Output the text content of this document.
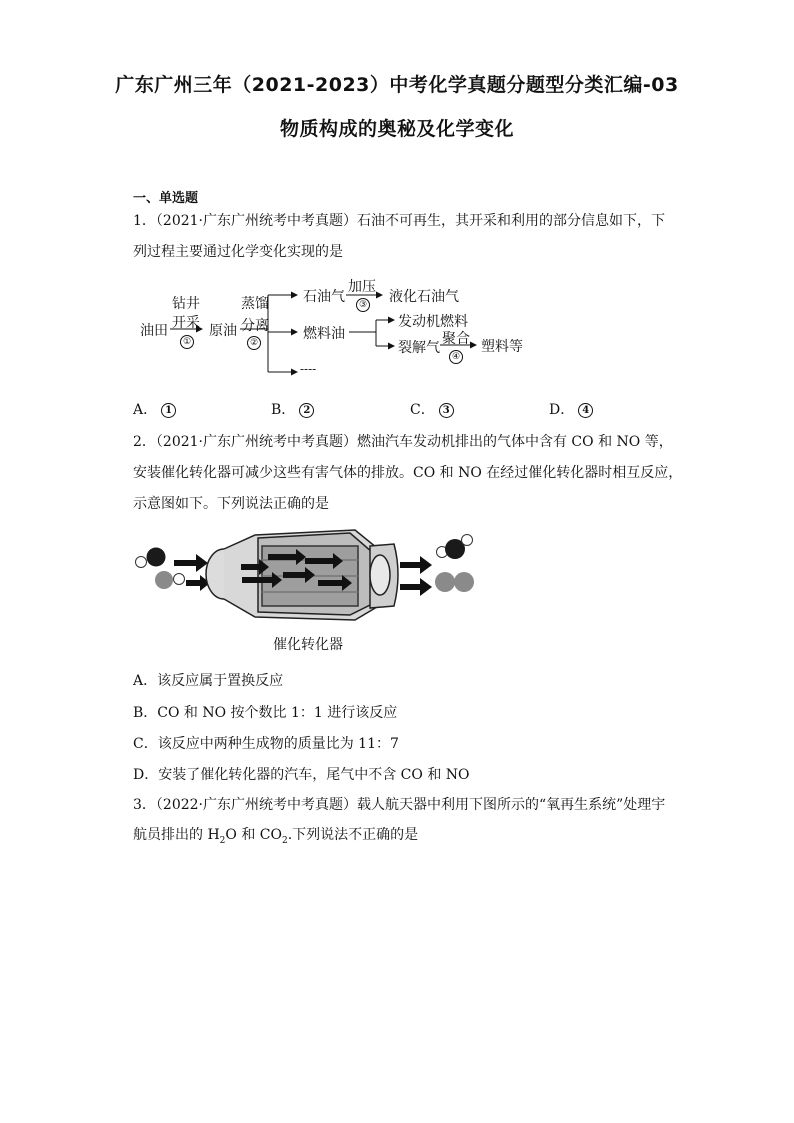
广东广州三年（2021-2023）中考化学真题分题型分类汇编-03
物质构成的奥秘及化学变化
一、单选题
1．（2021·广东广州统考中考真题）石油不可再生，其开采和利用的部分信息如下，下
列过程主要通过化学变化实现的是
油田
钻井
开采
①
原油
蒸馏
分离
②
石油气
加压
③ 液化石油气
燃料油
发动机燃料
裂解气
聚合
④
塑料等
----
A． 1	B． 2	C． 3	D． 4
2．（2021·广东广州统考中考真题）燃油汽车发动机排出的气体中含有 CO 和 NO 等，
安装催化转化器可减少这些有害气体的排放。CO 和 NO 在经过催化转化器时相互反应，
示意图如下。下列说法正确的是
催化转化器
A．该反应属于置换反应
B．CO 和 NO 按个数比 1：1 进行该反应
C．该反应中两种生成物的质量比为 11：7
D．安装了催化转化器的汽车，尾气中不含 CO 和 NO
3．（2022·广东广州统考中考真题）载人航天器中利用下图所示的“氧再生系统”处理宇
航员排出的 $H_2O$ 和 $CO_2$.下列说法不正确的是
